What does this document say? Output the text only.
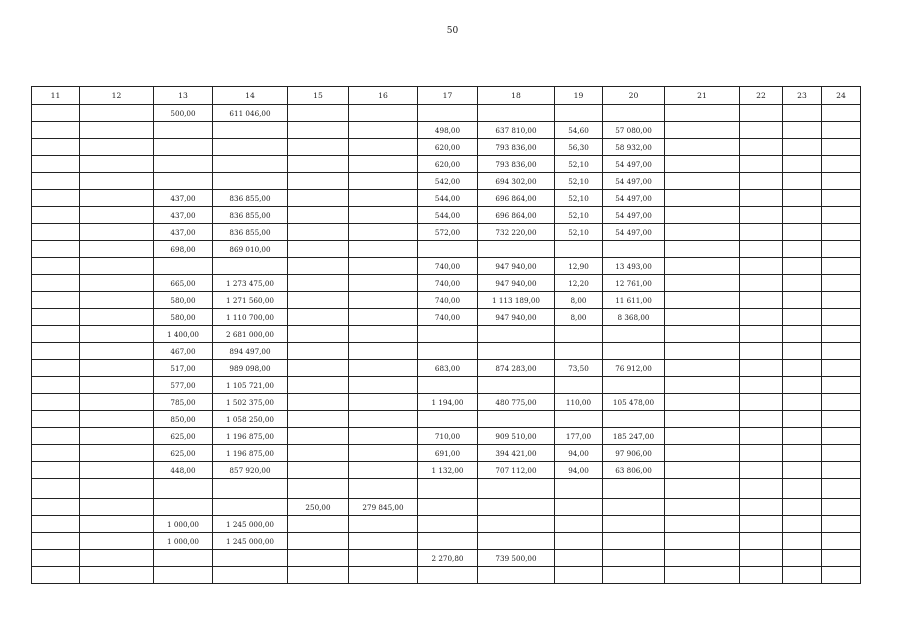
50
11	12	13	14	15	16	17	18	19	20	21	22	23	24
		500,00	611 046,00										
						498,00	637 810,00	54,60	57 080,00				
						620,00	793 836,00	56,30	58 932,00				
						620,00	793 836,00	52,10	54 497,00				
						542,00	694 302,00	52,10	54 497,00				
		437,00	836 855,00			544,00	696 864,00	52,10	54 497,00				
		437,00	836 855,00			544,00	696 864,00	52,10	54 497,00				
		437,00	836 855,00			572,00	732 220,00	52,10	54 497,00				
		698,00	869 010,00										
						740,00	947 940,00	12,90	13 493,00				
		665,00	1 273 475,00			740,00	947 940,00	12,20	12 761,00				
		580,00	1 271 560,00			740,00	1 113 189,00	8,00	11 611,00				
		580,00	1 110 700,00			740,00	947 940,00	8,00	8 368,00				
		1 400,00	2 681 000,00										
		467,00	894 497,00										
		517,00	989 098,00			683,00	874 283,00	73,50	76 912,00				
		577,00	1 105 721,00										
		785,00	1 502 375,00			1 194,00	480 775,00	110,00	105 478,00				
		850,00	1 058 250,00										
		625,00	1 196 875,00			710,00	909 510,00	177,00	185 247,00				
		625,00	1 196 875,00			691,00	394 421,00	94,00	97 906,00				
		448,00	857 920,00			1 132,00	707 112,00	94,00	63 806,00				

				250,00	279 845,00								
		1 000,00	1 245 000,00										
		1 000,00	1 245 000,00										
						2 270,80	739 500,00						
